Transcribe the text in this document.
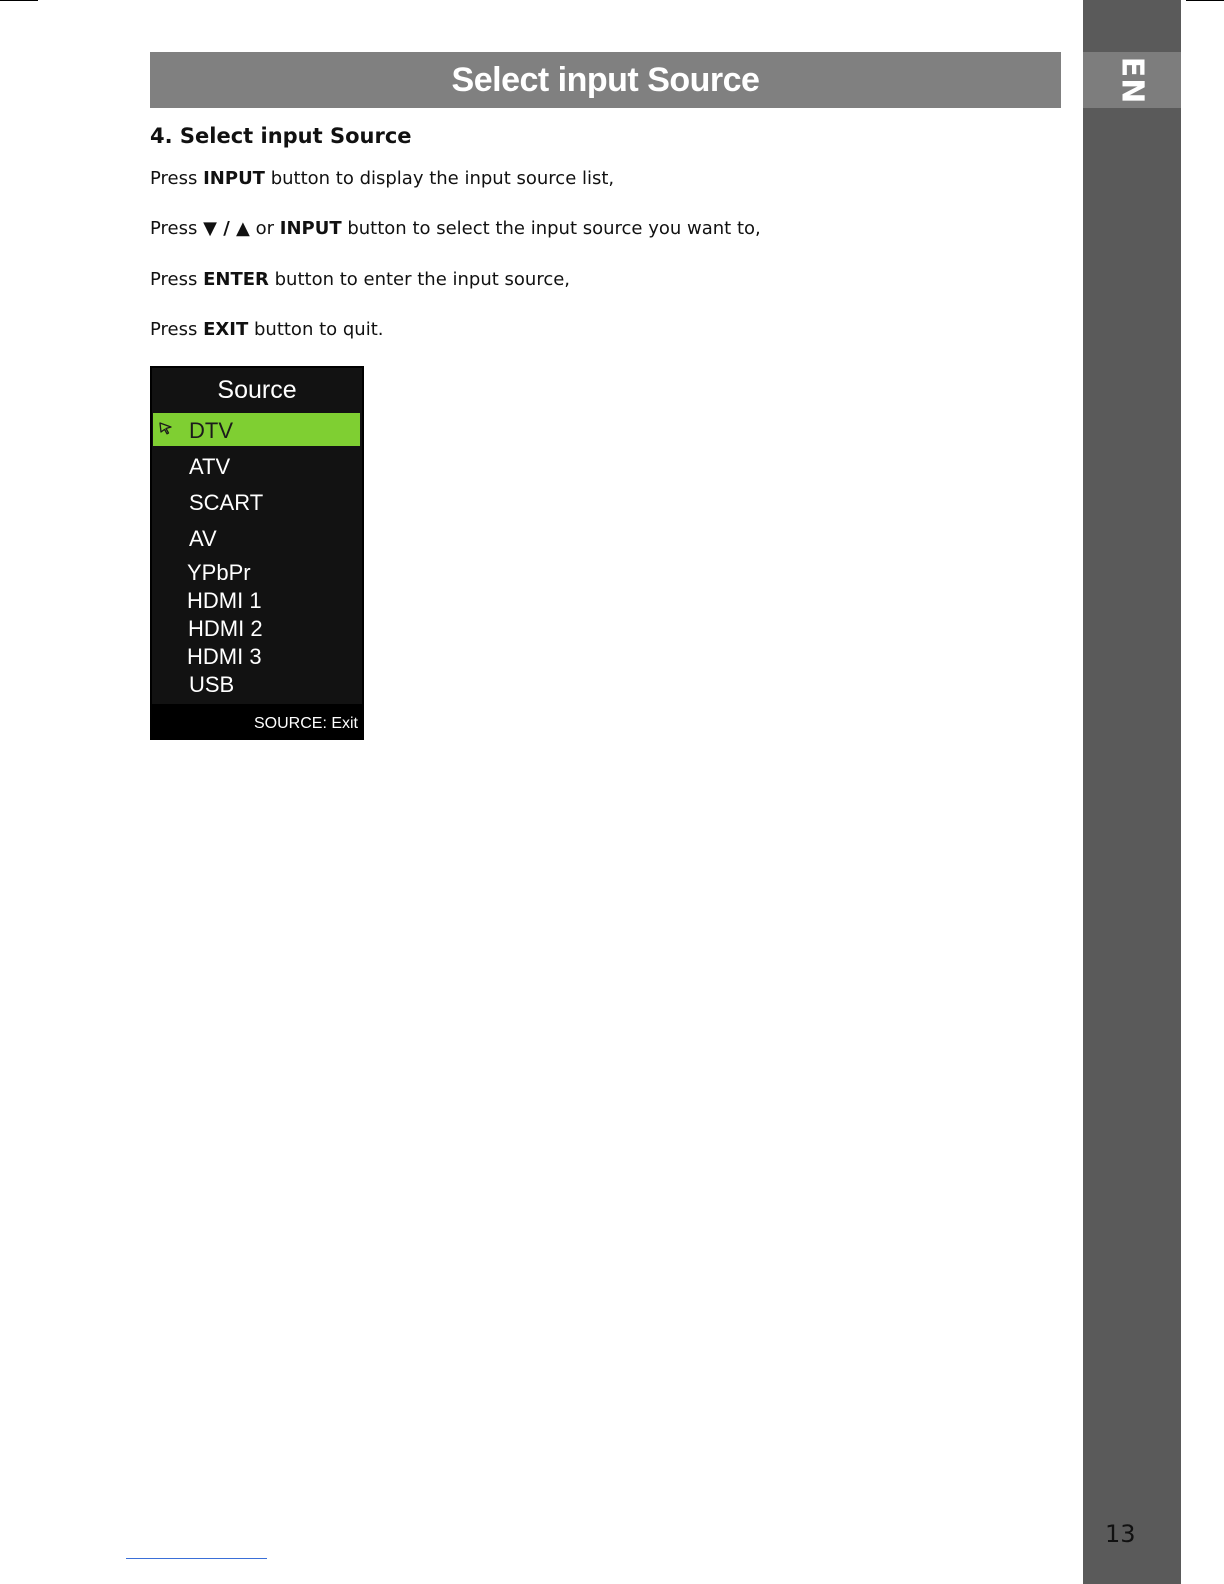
EN
13
Select input Source
4. Select input Source
Press INPUT button to display the input source list,
Press ▼ / ▲ or INPUT button to select the input source you want to,
Press ENTER button to enter the input source,
Press EXIT button to quit.
Source
DTV
ATV
SCART
AV
YPbPr
HDMI 1
HDMI 2
HDMI 3
USB
SOURCE: Exit
